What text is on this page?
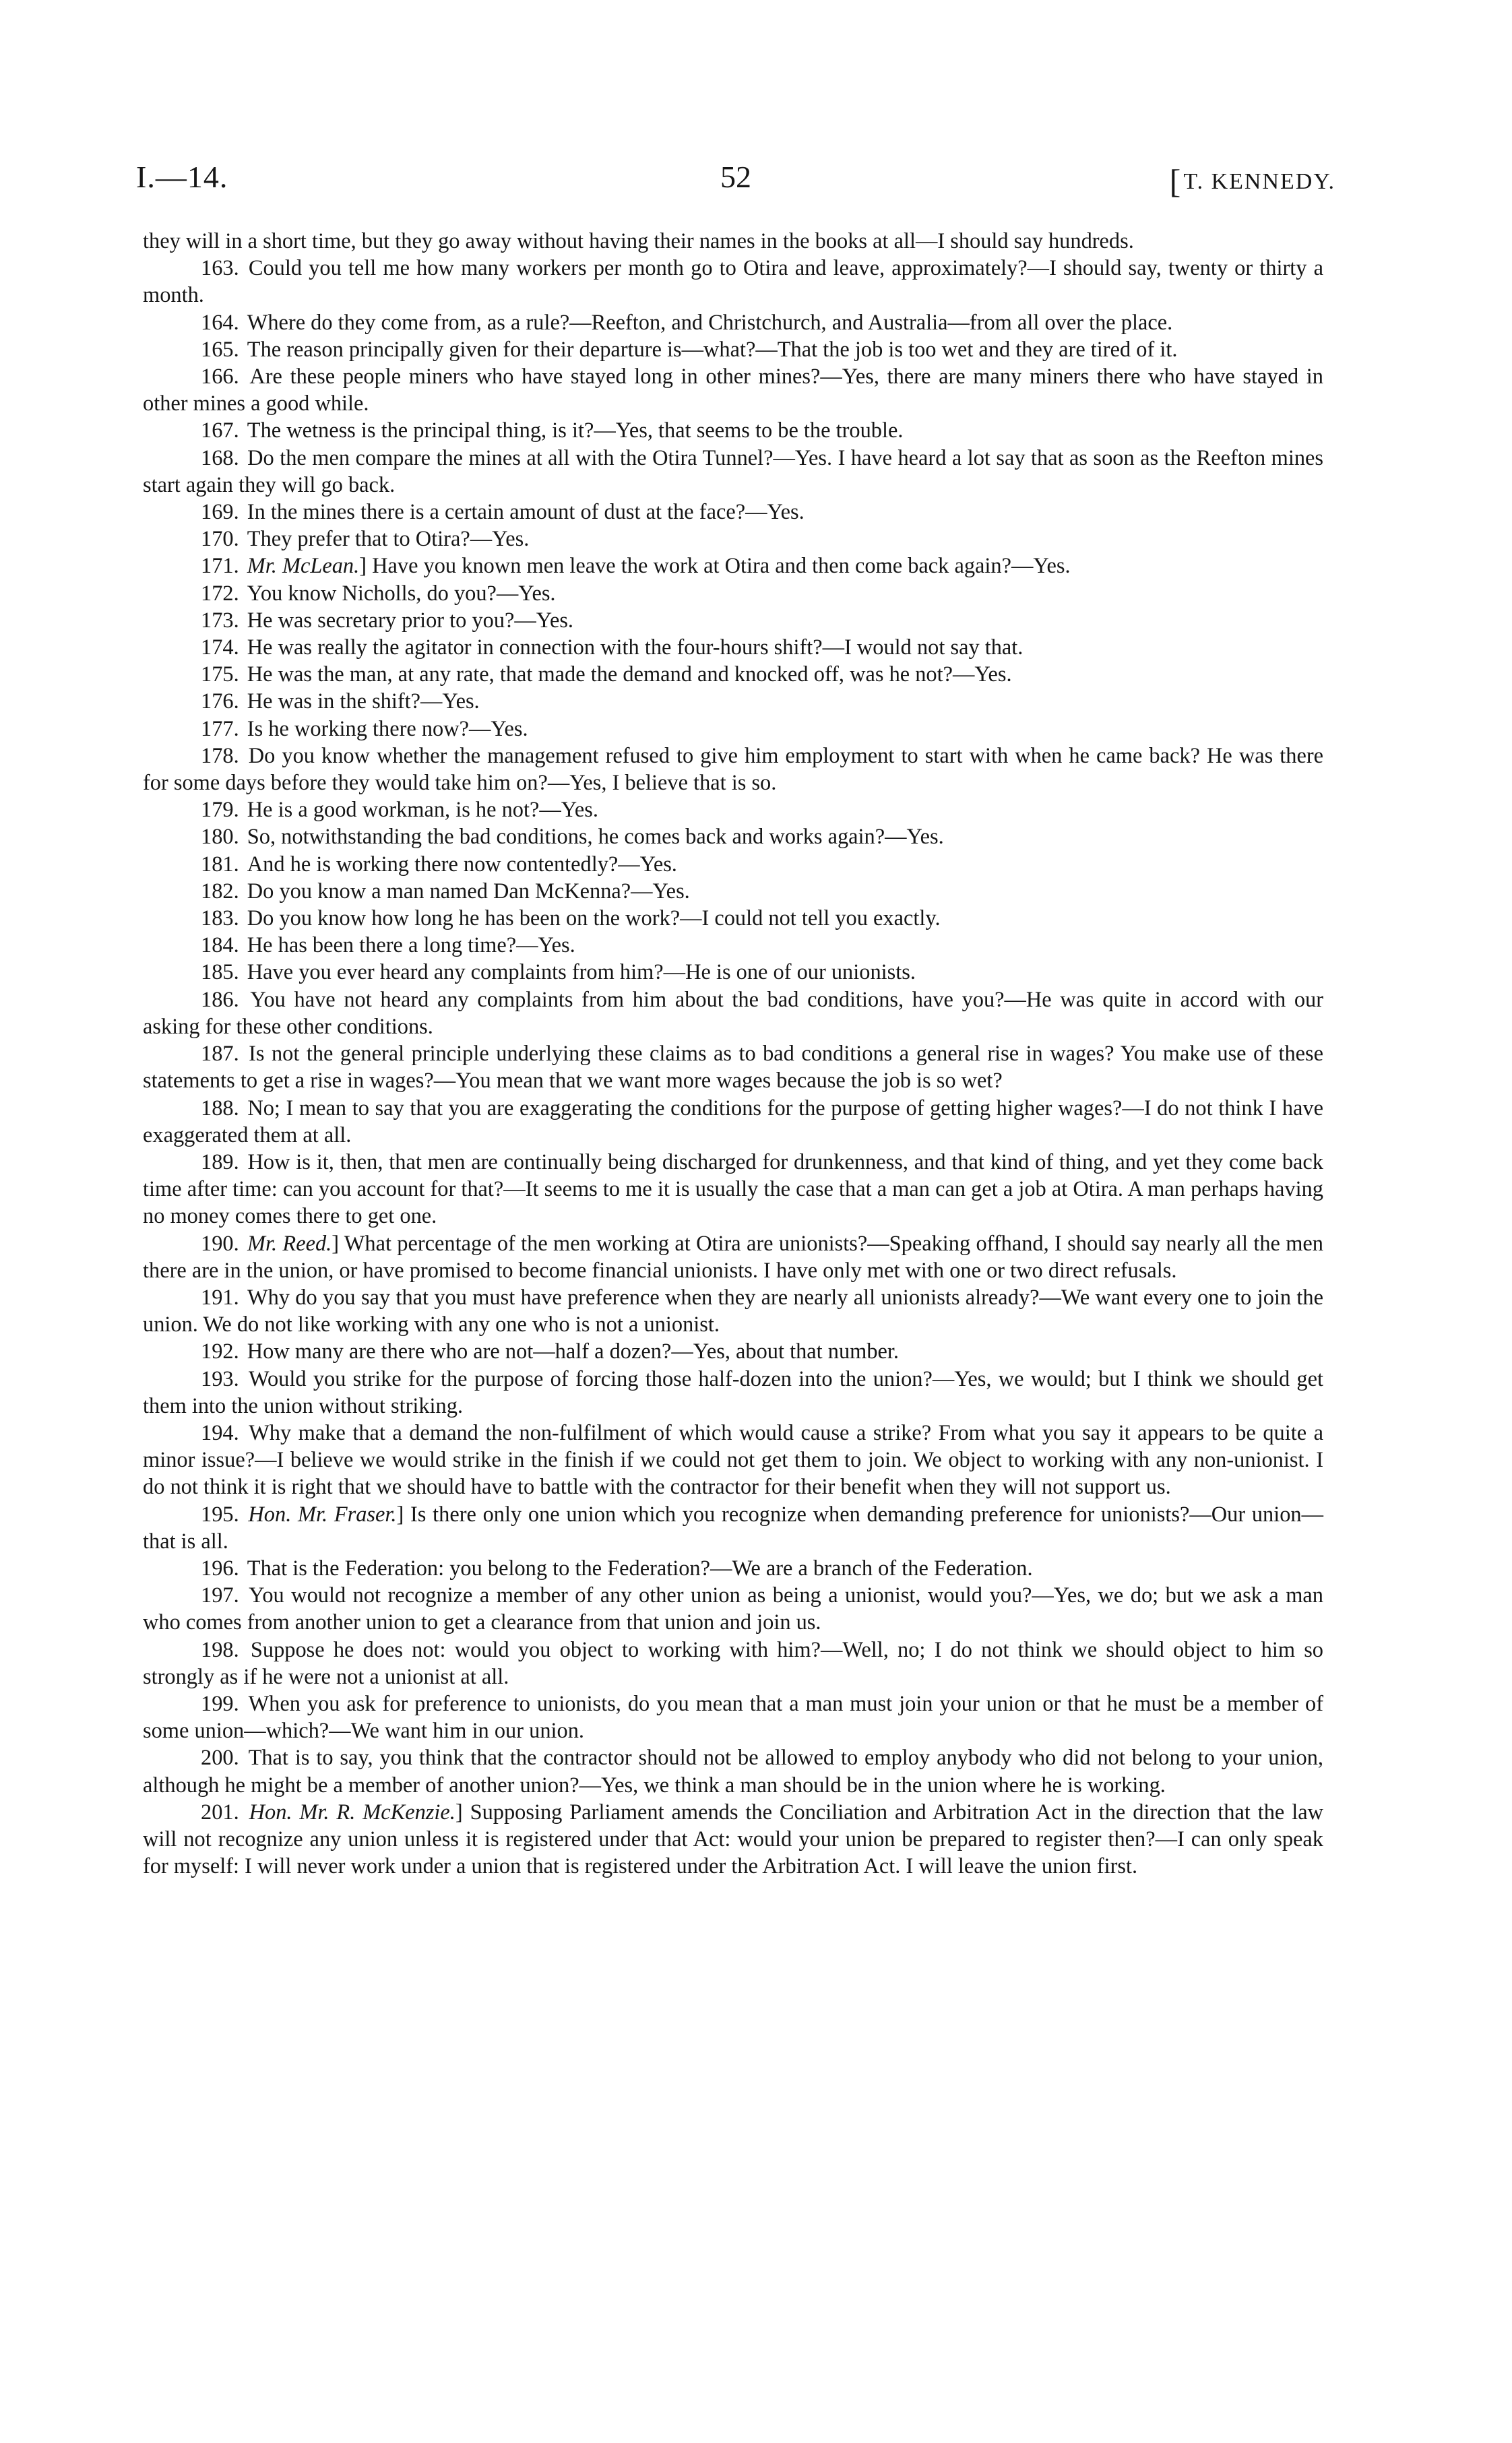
I.—14.	52	[T. KENNEDY.

they will in a short time, but they go away without having their names in the books at all—I should say hundreds.

163. Could you tell me how many workers per month go to Otira and leave, approximately?—I should say, twenty or thirty a month.

164. Where do they come from, as a rule?—Reefton, and Christchurch, and Australia—from all over the place.

165. The reason principally given for their departure is—what?—That the job is too wet and they are tired of it.

166. Are these people miners who have stayed long in other mines?—Yes, there are many miners there who have stayed in other mines a good while.

167. The wetness is the principal thing, is it?—Yes, that seems to be the trouble.

168. Do the men compare the mines at all with the Otira Tunnel?—Yes. I have heard a lot say that as soon as the Reefton mines start again they will go back.

169. In the mines there is a certain amount of dust at the face?—Yes.

170. They prefer that to Otira?—Yes.

171. Mr. McLean.] Have you known men leave the work at Otira and then come back again?—Yes.

172. You know Nicholls, do you?—Yes.

173. He was secretary prior to you?—Yes.

174. He was really the agitator in connection with the four-hours shift?—I would not say that.

175. He was the man, at any rate, that made the demand and knocked off, was he not?—Yes.

176. He was in the shift?—Yes.

177. Is he working there now?—Yes.

178. Do you know whether the management refused to give him employment to start with when he came back? He was there for some days before they would take him on?—Yes, I believe that is so.

179. He is a good workman, is he not?—Yes.

180. So, notwithstanding the bad conditions, he comes back and works again?—Yes.

181. And he is working there now contentedly?—Yes.

182. Do you know a man named Dan McKenna?—Yes.

183. Do you know how long he has been on the work?—I could not tell you exactly.

184. He has been there a long time?—Yes.

185. Have you ever heard any complaints from him?—He is one of our unionists.

186. You have not heard any complaints from him about the bad conditions, have you?—He was quite in accord with our asking for these other conditions.

187. Is not the general principle underlying these claims as to bad conditions a general rise in wages? You make use of these statements to get a rise in wages?—You mean that we want more wages because the job is so wet?

188. No; I mean to say that you are exaggerating the conditions for the purpose of getting higher wages?—I do not think I have exaggerated them at all.

189. How is it, then, that men are continually being discharged for drunkenness, and that kind of thing, and yet they come back time after time: can you account for that?—It seems to me it is usually the case that a man can get a job at Otira. A man perhaps having no money comes there to get one.

190. Mr. Reed.] What percentage of the men working at Otira are unionists?—Speaking offhand, I should say nearly all the men there are in the union, or have promised to become financial unionists. I have only met with one or two direct refusals.

191. Why do you say that you must have preference when they are nearly all unionists already?—We want every one to join the union. We do not like working with any one who is not a unionist.

192. How many are there who are not—half a dozen?—Yes, about that number.

193. Would you strike for the purpose of forcing those half-dozen into the union?—Yes, we would; but I think we should get them into the union without striking.

194. Why make that a demand the non-fulfilment of which would cause a strike? From what you say it appears to be quite a minor issue?—I believe we would strike in the finish if we could not get them to join. We object to working with any non-unionist. I do not think it is right that we should have to battle with the contractor for their benefit when they will not support us.

195. Hon. Mr. Fraser.] Is there only one union which you recognize when demanding preference for unionists?—Our union—that is all.

196. That is the Federation: you belong to the Federation?—We are a branch of the Federation.

197. You would not recognize a member of any other union as being a unionist, would you?—Yes, we do; but we ask a man who comes from another union to get a clearance from that union and join us.

198. Suppose he does not: would you object to working with him?—Well, no; I do not think we should object to him so strongly as if he were not a unionist at all.

199. When you ask for preference to unionists, do you mean that a man must join your union or that he must be a member of some union—which?—We want him in our union.

200. That is to say, you think that the contractor should not be allowed to employ anybody who did not belong to your union, although he might be a member of another union?—Yes, we think a man should be in the union where he is working.

201. Hon. Mr. R. McKenzie.] Supposing Parliament amends the Conciliation and Arbitration Act in the direction that the law will not recognize any union unless it is registered under that Act: would your union be prepared to register then?—I can only speak for myself: I will never work under a union that is registered under the Arbitration Act. I will leave the union first.
